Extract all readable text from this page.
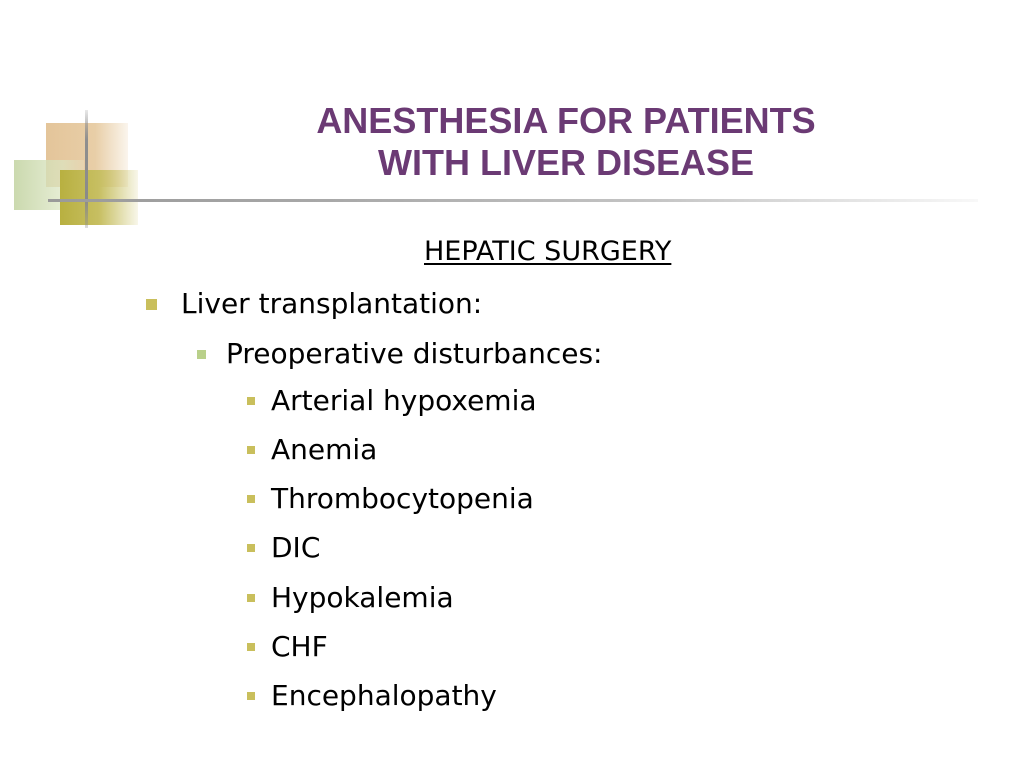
ANESTHESIA FOR PATIENTS
WITH LIVER DISEASE
HEPATIC SURGERY
Liver transplantation:
Preoperative disturbances:
Arterial hypoxemia
Anemia
Thrombocytopenia
DIC
Hypokalemia
CHF
Encephalopathy
